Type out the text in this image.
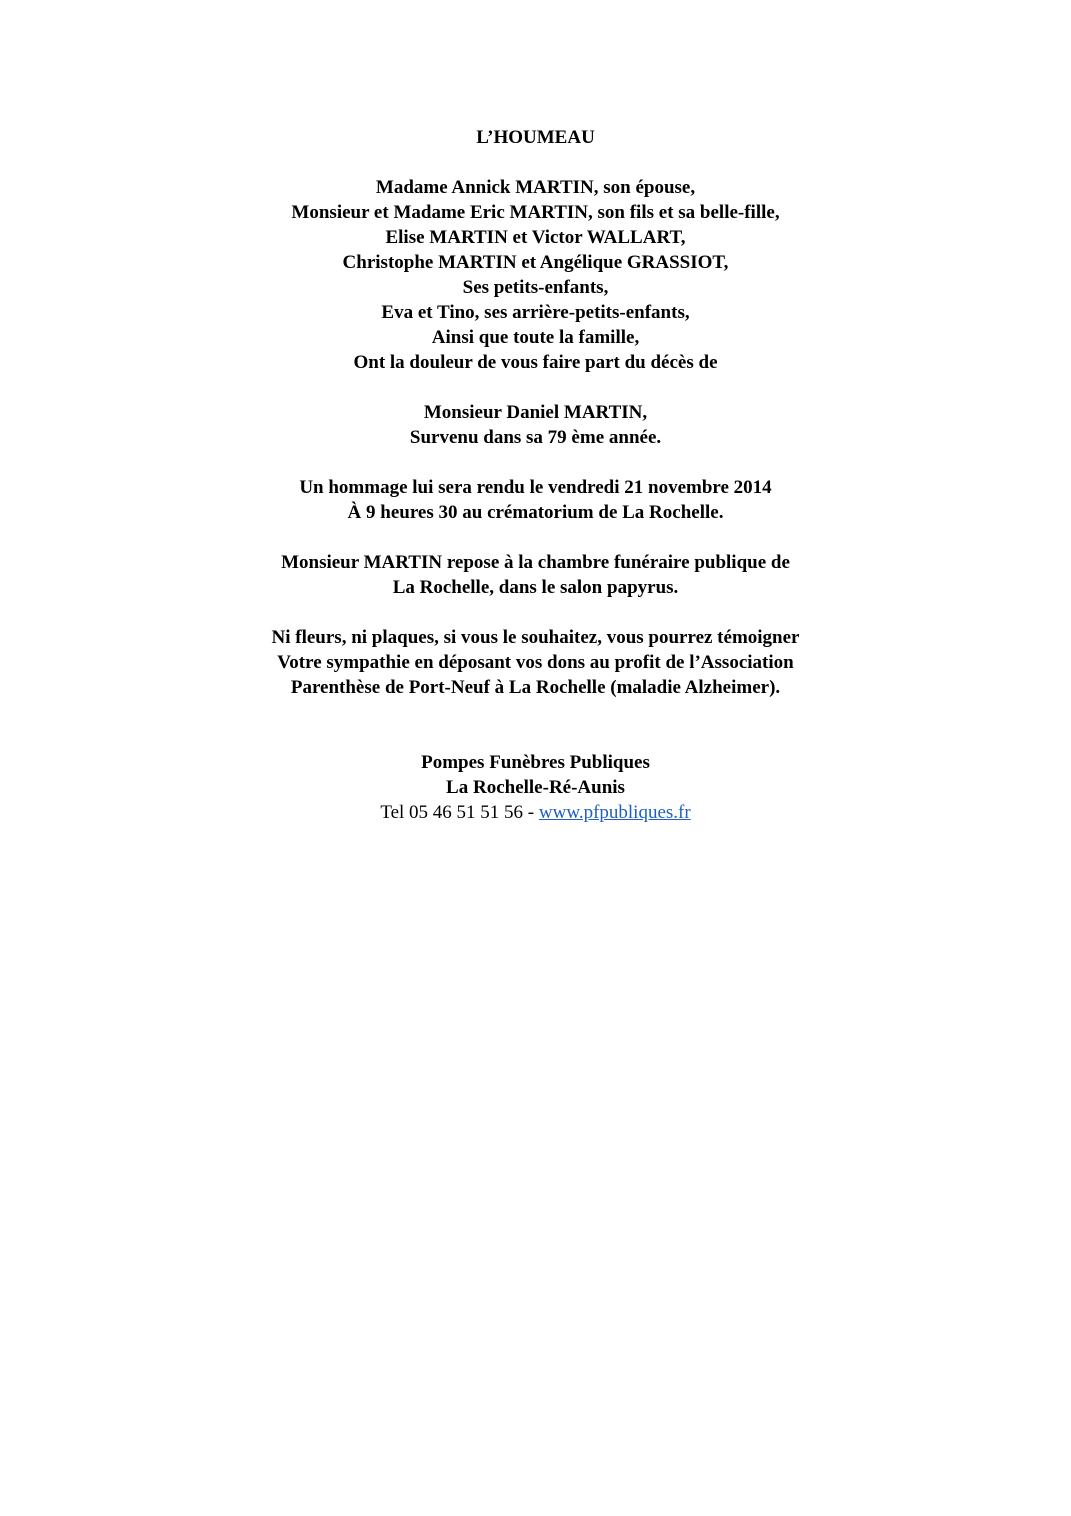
L’HOUMEAU
Madame Annick MARTIN, son épouse,
Monsieur et Madame Eric MARTIN, son fils et sa belle-fille,
Elise MARTIN et Victor WALLART,
Christophe MARTIN et Angélique GRASSIOT,
Ses petits-enfants,
Eva et Tino, ses arrière-petits-enfants,
Ainsi que toute la famille,
Ont la douleur de vous faire part du décès de
Monsieur Daniel MARTIN,
Survenu dans sa 79 ème année.
Un hommage lui sera rendu le vendredi 21 novembre 2014
À 9 heures 30 au crématorium de La Rochelle.
Monsieur MARTIN repose à la chambre funéraire publique de
La Rochelle, dans le salon papyrus.
Ni fleurs, ni plaques, si vous le souhaitez, vous pourrez témoigner
Votre sympathie en déposant vos dons au profit de l’Association
Parenthèse de Port-Neuf à La Rochelle (maladie Alzheimer).
Pompes Funèbres Publiques
La Rochelle-Ré-Aunis
Tel 05 46 51 51 56 - www.pfpubliques.fr
